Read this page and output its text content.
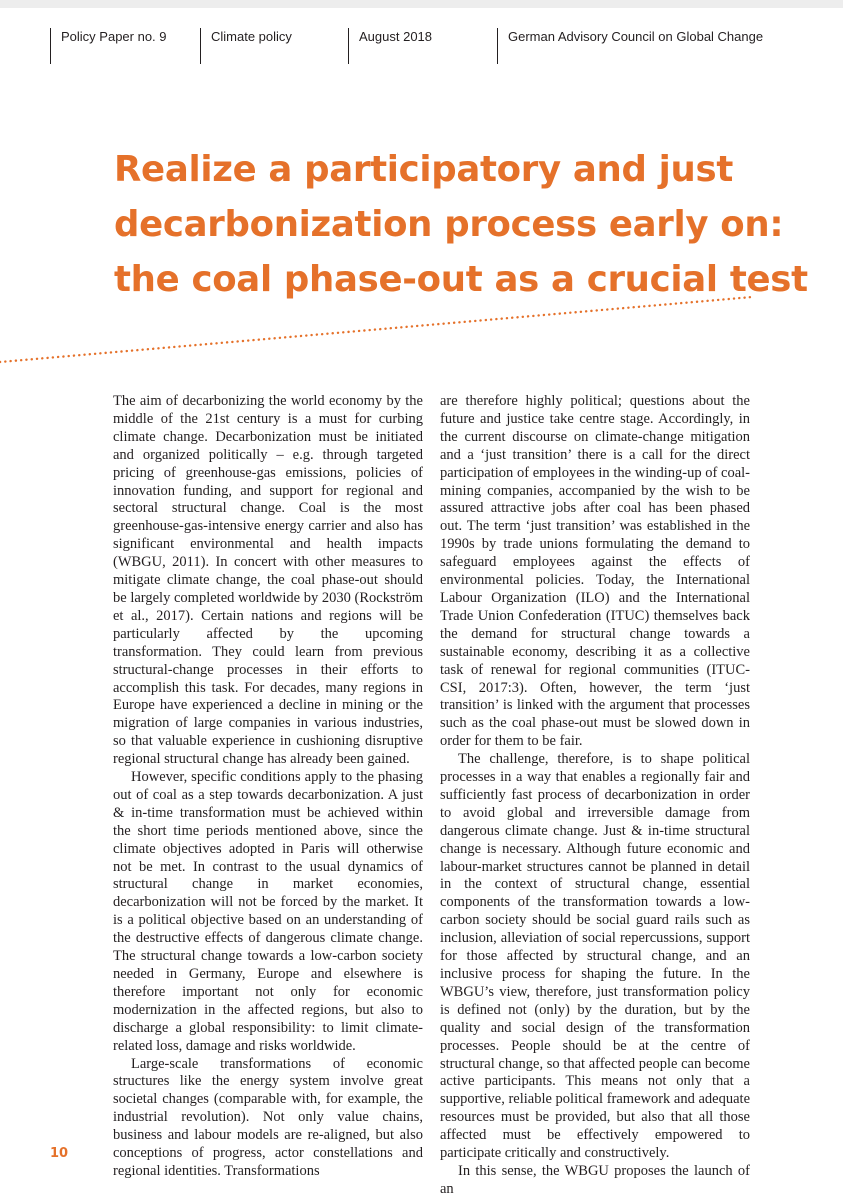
Policy Paper no. 9	Climate policy	August 2018	German Advisory Council on Global Change
Realize a participatory and just
decarbonization process early on:
the coal phase-out as a crucial test

The aim of decarbonizing the world economy by the middle of the 21st century is a must for curbing climate change. Decarbonization must be initiated and organized politically – e.g. through targeted pricing of greenhouse-gas emissions, policies of innovation funding, and support for regional and sectoral structural change. Coal is the most greenhouse-gas-intensive energy carrier and also has significant environmental and health impacts (WBGU, 2011). In concert with other measures to mitigate climate change, the coal phase-out should be largely completed worldwide by 2030 (Rockström et al., 2017). Certain nations and regions will be particularly affected by the upcoming transformation. They could learn from previous structural-change processes in their efforts to accomplish this task. For decades, many regions in Europe have experienced a decline in mining or the migration of large companies in various industries, so that valuable experience in cushioning disruptive regional structural change has already been gained.

However, specific conditions apply to the phasing out of coal as a step towards decarbonization. A just & in-time transformation must be achieved within the short time periods mentioned above, since the climate objectives adopted in Paris will otherwise not be met. In contrast to the usual dynamics of structural change in market economies, decarbonization will not be forced by the market. It is a political objective based on an understanding of the destructive effects of dangerous climate change. The structural change towards a low-carbon society needed in Germany, Europe and elsewhere is therefore important not only for economic modernization in the affected regions, but also to discharge a global responsibility: to limit climate-related loss, damage and risks worldwide.

Large-scale transformations of economic structures like the energy system involve great societal changes (comparable with, for example, the industrial revolution). Not only value chains, business and labour models are re-aligned, but also conceptions of progress, actor constellations and regional identities. Transformations

are therefore highly political; questions about the future and justice take centre stage. Accordingly, in the current discourse on climate-change mitigation and a ‘just transition’ there is a call for the direct participation of employees in the winding-up of coal-mining companies, accompanied by the wish to be assured attractive jobs after coal has been phased out. The term ‘just transition’ was established in the 1990s by trade unions formulating the demand to safeguard employees against the effects of environmental policies. Today, the International Labour Organization (ILO) and the International Trade Union Confederation (ITUC) themselves back the demand for structural change towards a sustainable economy, describing it as a collective task of renewal for regional communities (ITUC-CSI, 2017:3). Often, however, the term ‘just transition’ is linked with the argument that processes such as the coal phase-out must be slowed down in order for them to be fair.

The challenge, therefore, is to shape political processes in a way that enables a regionally fair and sufficiently fast process of decarbonization in order to avoid global and irreversible damage from dangerous climate change. Just & in-time structural change is necessary. Although future economic and labour-market structures cannot be planned in detail in the context of structural change, essential components of the transformation towards a low-carbon society should be social guard rails such as inclusion, alleviation of social repercussions, support for those affected by structural change, and an inclusive process for shaping the future. In the WBGU’s view, therefore, just transformation policy is defined not (only) by the duration, but by the quality and social design of the transformation processes. People should be at the centre of structural change, so that affected people can become active participants. This means not only that a supportive, reliable political framework and adequate resources must be provided, but also that all those affected must be effectively empowered to participate critically and constructively.

In this sense, the WBGU proposes the launch of an

10
